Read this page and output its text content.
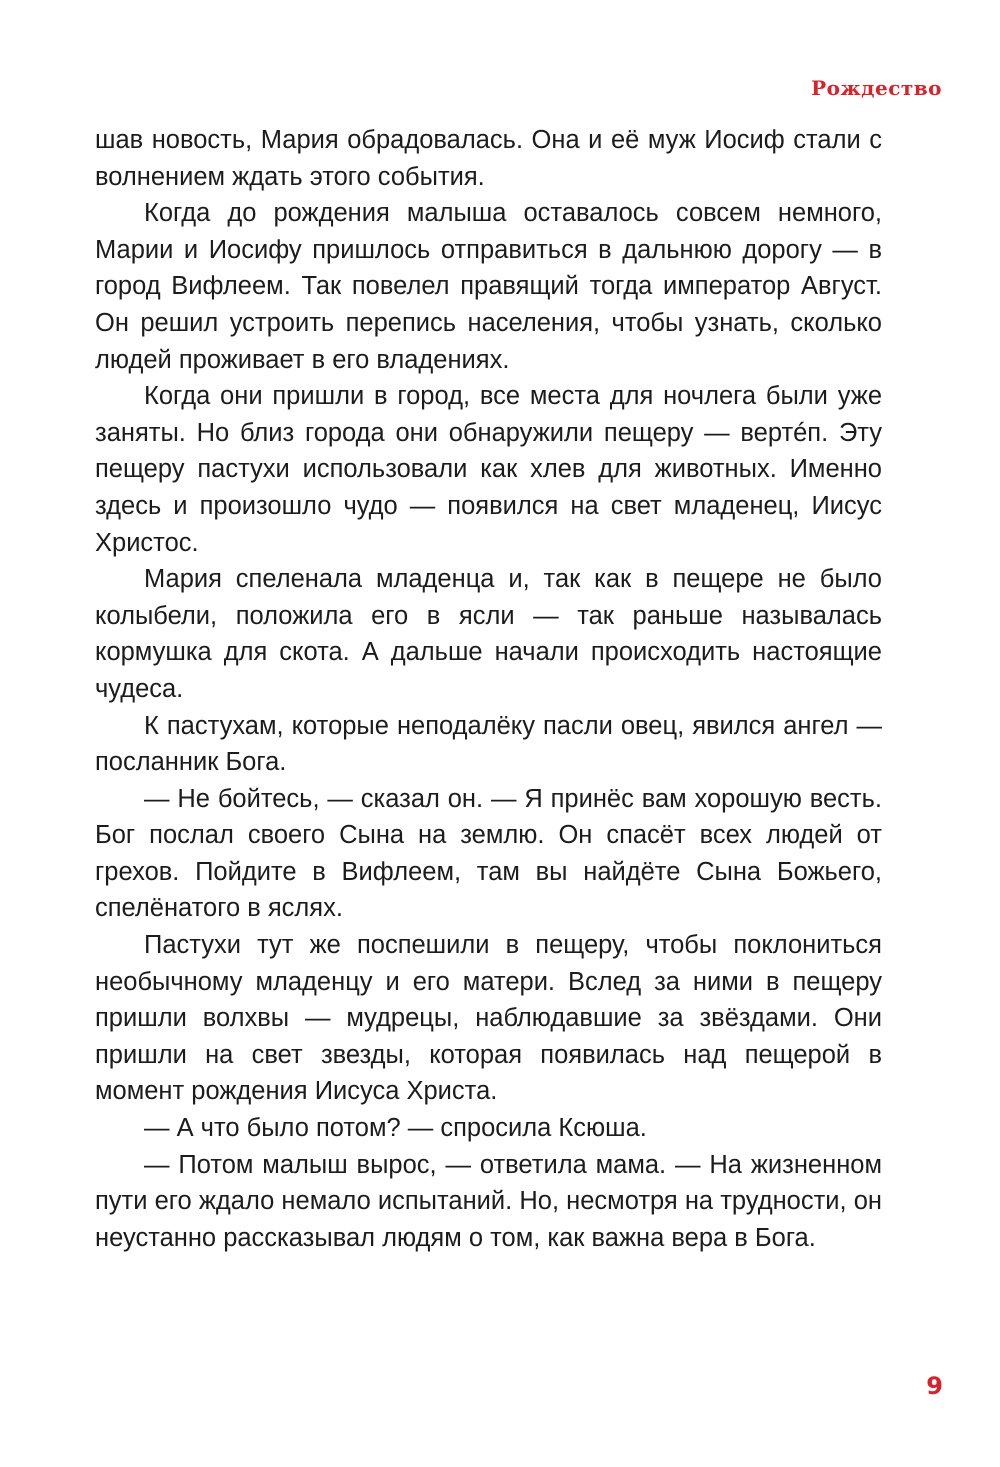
Рождество

шав новость, Мария обрадовалась. Она и её муж Иосиф стали с волнением ждать этого события.

Когда до рождения малыша оставалось совсем немного, Марии и Иосифу пришлось отправиться в дальнюю дорогу — в город Вифлеем. Так повелел правящий тогда император Август. Он решил устроить перепись населения, чтобы узнать, сколько людей проживает в его владениях.

Когда они пришли в город, все места для ночлега были уже заняты. Но близ города они обнаружили пещеру — вертéп. Эту пещеру пастухи использовали как хлев для животных. Именно здесь и произошло чудо — появился на свет младенец, Иисус Христос.

Мария спеленала младенца и, так как в пещере не было колыбели, положила его в ясли — так раньше называлась кормушка для скота. А дальше начали происходить настоящие чудеса.

К пастухам, которые неподалёку пасли овец, явился ангел — посланник Бога.

— Не бойтесь, — сказал он. — Я принёс вам хорошую весть. Бог послал своего Сына на землю. Он спасёт всех людей от грехов. Пойдите в Вифлеем, там вы найдёте Сына Божьего, спелёнатого в яслях.

Пастухи тут же поспешили в пещеру, чтобы поклониться необычному младенцу и его матери. Вслед за ними в пещеру пришли волхвы — мудрецы, наблюдавшие за звёздами. Они пришли на свет звезды, которая появилась над пещерой в момент рождения Иисуса Христа.

— А что было потом? — спросила Ксюша.

— Потом малыш вырос, — ответила мама. — На жизненном пути его ждало немало испытаний. Но, несмотря на трудности, он неустанно рассказывал людям о том, как важна вера в Бога.

9
